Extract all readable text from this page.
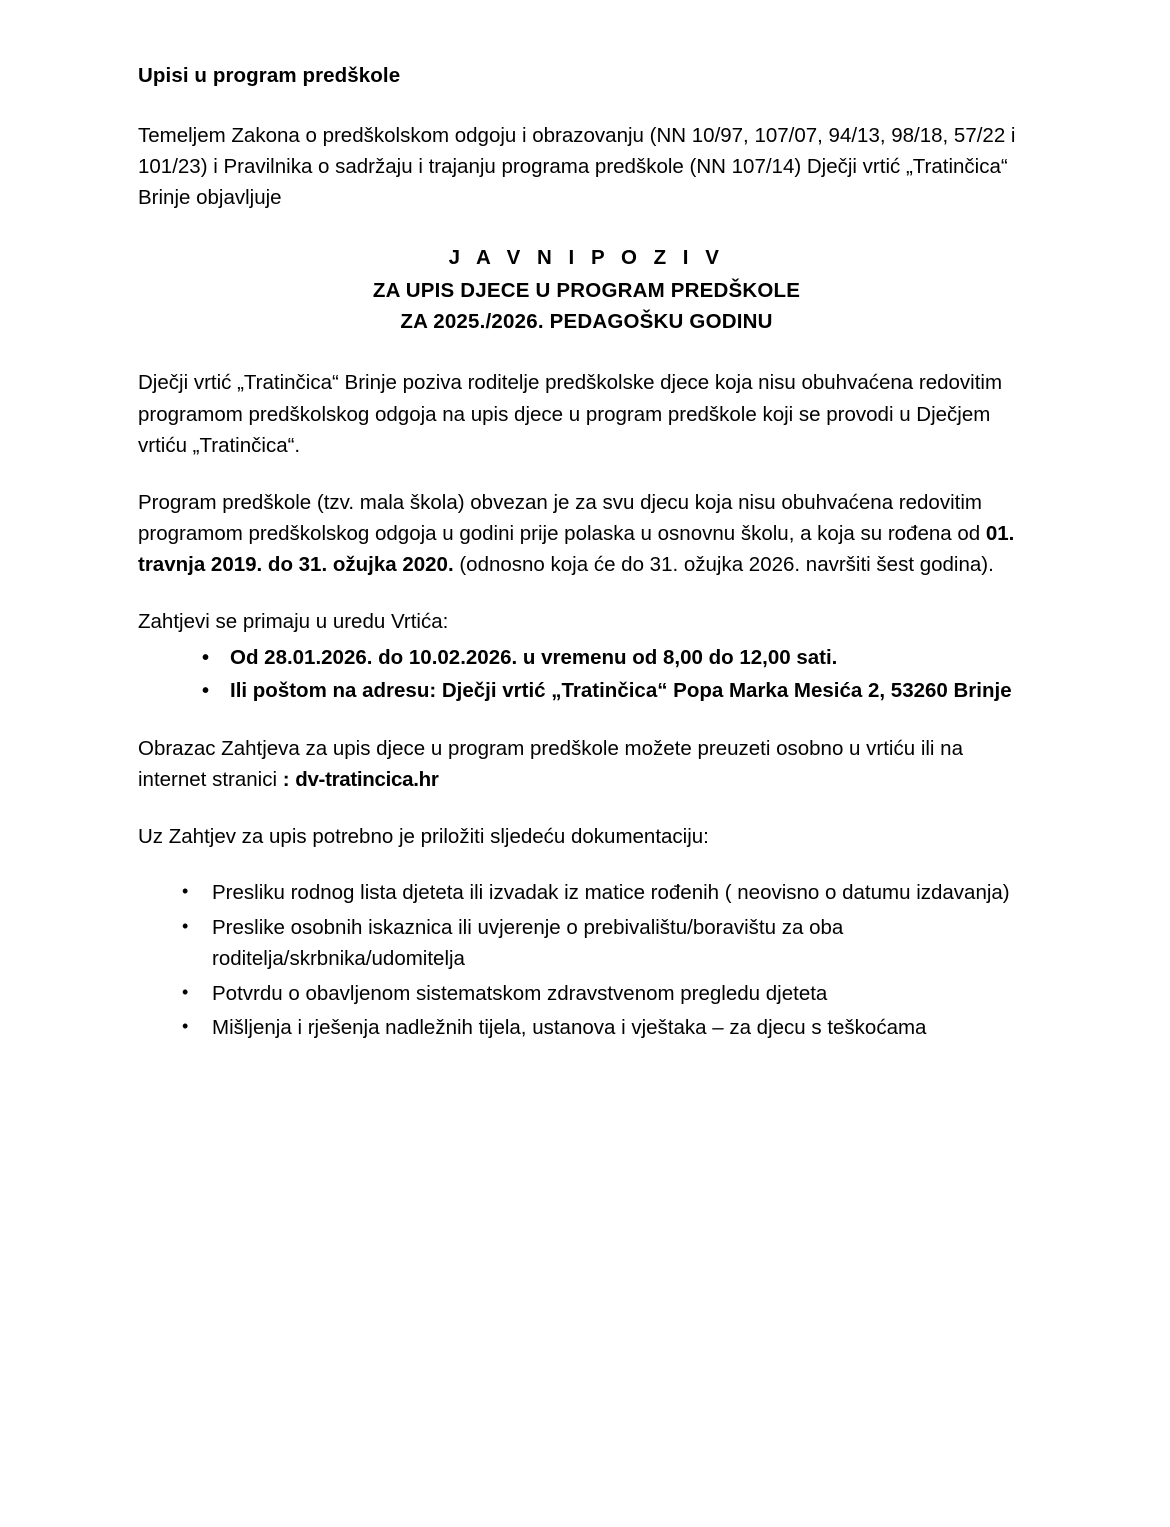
Upisi u program predškole

Temeljem Zakona o predškolskom odgoju i obrazovanju (NN 10/97, 107/07, 94/13, 98/18, 57/22 i 101/23) i Pravilnika o sadržaju i trajanju programa predškole (NN 107/14) Dječji vrtić „Tratinčica“ Brinje objavljuje

J A V N I P O Z I V
ZA UPIS DJECE U PROGRAM PREDŠKOLE
ZA 2025./2026. PEDAGOŠKU GODINU

Dječji vrtić „Tratinčica“ Brinje poziva roditelje predškolske djece koja nisu obuhvaćena redovitim programom predškolskog odgoja na upis djece u program predškole koji se provodi u Dječjem vrtiću „Tratinčica“.

Program predškole (tzv. mala škola) obvezan je za svu djecu koja nisu obuhvaćena redovitim programom predškolskog odgoja u godini prije polaska u osnovnu školu, a koja su rođena od 01. travnja 2019. do 31. ožujka 2020. (odnosno koja će do 31. ožujka 2026. navršiti šest godina).

Zahtjevi se primaju u uredu Vrtića:

• Od 28.01.2026. do 10.02.2026. u vremenu od 8,00 do 12,00 sati.
• Ili poštom na adresu: Dječji vrtić „Tratinčica“ Popa Marka Mesića 2, 53260 Brinje

Obrazac Zahtjeva za upis djece u program predškole možete preuzeti osobno u vrtiću ili na internet stranici : dv-tratincica.hr

Uz Zahtjev za upis potrebno je priložiti sljedeću dokumentaciju:

• Presliku rodnog lista djeteta ili izvadak iz matice rođenih ( neovisno o datumu izdavanja)
• Preslike osobnih iskaznica ili uvjerenje o prebivalištu/boravištu za oba roditelja/skrbnika/udomitelja
• Potvrdu o obavljenom sistematskom zdravstvenom pregledu djeteta
• Mišljenja i rješenja nadležnih tijela, ustanova i vještaka – za djecu s teškoćama
